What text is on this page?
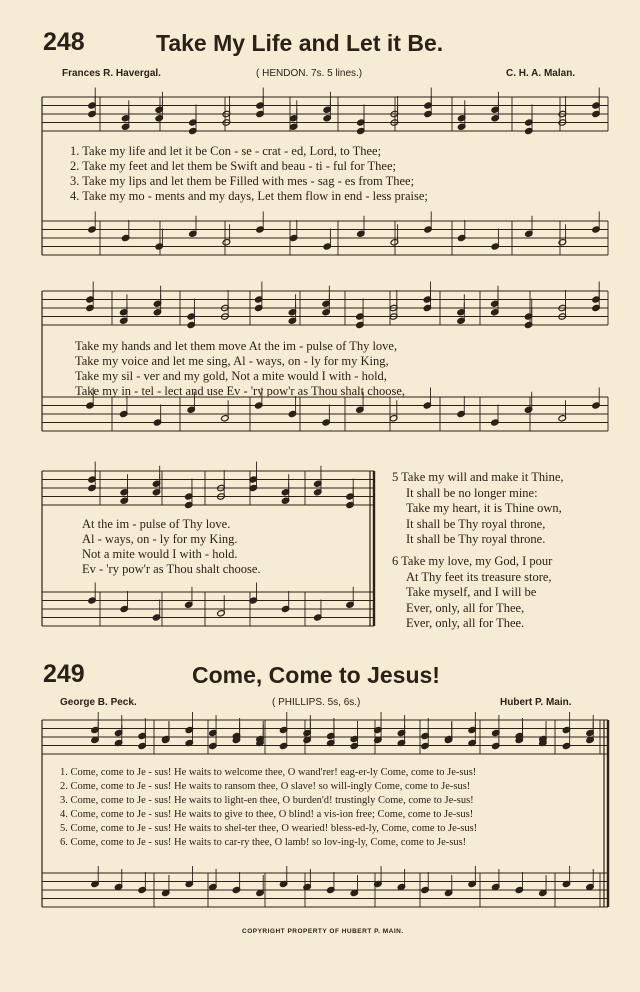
248	Take My Life and Let it Be.
Frances R. Havergal.	( HENDON. 7s. 5 lines.)	C. H. A. Malan.
1. Take my life and let it be Con - se - crat - ed, Lord, to Thee;
2. Take my feet and let them be Swift and beau - ti - ful for Thee;
3. Take my lips and let them be Filled with mes - sag - es from Thee;
4. Take my mo - ments and my days, Let them flow in end - less praise;
Take my hands and let them move At the im - pulse of Thy love,
Take my voice and let me sing, Al - ways, on - ly for my King,
Take my sil - ver and my gold, Not a mite would I with - hold,
Take my in - tel - lect and use Ev - 'ry pow'r as Thou shalt choose,
At the im - pulse of Thy love.
Al - ways, on - ly for my King.
Not a mite would I with - hold.
Ev - 'ry pow'r as Thou shalt choose.
5 Take my will and make it Thine,
It shall be no longer mine:
Take my heart, it is Thine own,
It shall be Thy royal throne,
It shall be Thy royal throne.
6 Take my love, my God, I pour
At Thy feet its treasure store,
Take myself, and I will be
Ever, only, all for Thee,
Ever, only, all for Thee.
249	Come, Come to Jesus!
George B. Peck.	( PHILLIPS. 5s, 6s.)	Hubert P. Main.
1. Come, come to Je - sus! He waits to welcome thee, O wand'rer! eag-er-ly Come, come to Je-sus!
2. Come, come to Je - sus! He waits to ransom thee, O slave! so will-ingly Come, come to Je-sus!
3. Come, come to Je - sus! He waits to light-en thee, O burden'd! trustingly Come, come to Je-sus!
4. Come, come to Je - sus! He waits to give to thee, O blind! a vis-ion free; Come, come to Je-sus!
5. Come, come to Je - sus! He waits to shel-ter thee, O wearied! bless-ed-ly, Come, come to Je-sus!
6. Come, come to Je - sus! He waits to car-ry thee, O lamb! so lov-ing-ly, Come, come to Je-sus!
COPYRIGHT PROPERTY OF HUBERT P. MAIN.
